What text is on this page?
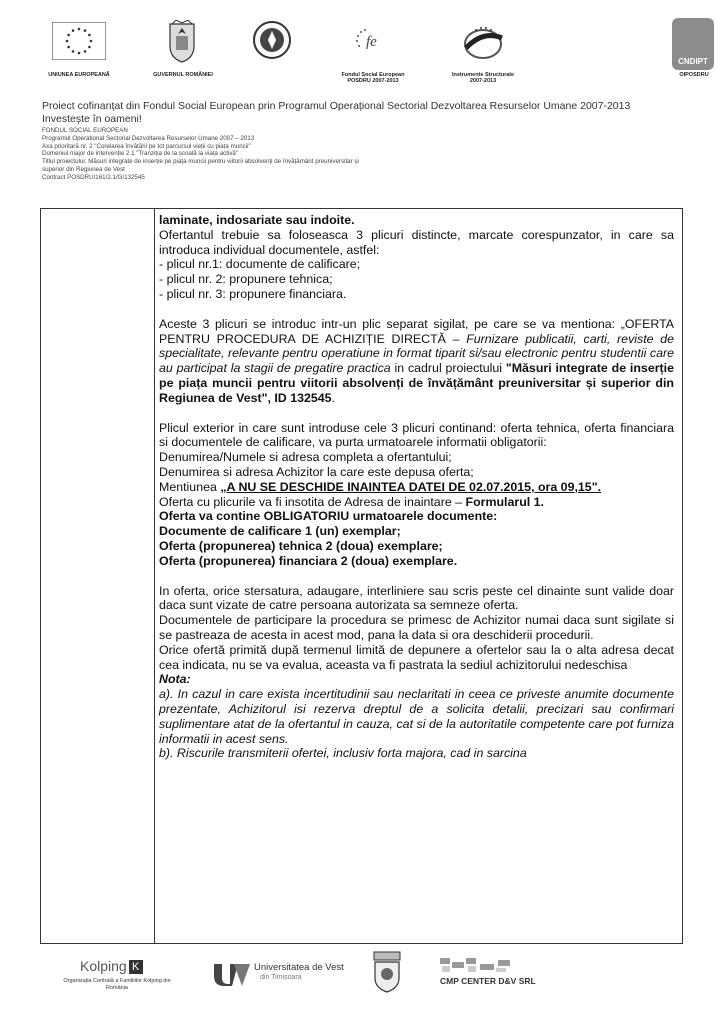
UNIUNEA EUROPEANĂ	GUVERNUL ROMÂNIEI
fe
Fondul Social European
POSDRU 2007-2013
Instrumente Structurale
2007-2013
CNDIPT
OIPOSDRU
Proiect cofinanțat din Fondul Social European prin Programul Operațional Sectorial Dezvoltarea Resurselor Umane 2007-2013
Investește în oameni!
FONDUL SOCIAL EUROPEAN
Programul Operational Sectorial Dezvoltarea Resurselor Umane 2007 – 2013
Axa prioritară nr. 2 "Corelarea învățării pe tot parcursul vieții cu piața muncii"
Domeniul major de intervenție 2.1 "Tranziția de la școală la viața activă"
Titlul proiectului: Măsuri integrate de inserție pe piața muncii pentru viitorii absolvenți de învățământ preuniversitar și
superior din Regiunea de Vest
Contract POSDRU/161/2.1/G/132545

laminate, indosariate sau indoite.

Ofertantul trebuie sa foloseasca 3 plicuri distincte, marcate corespunzator, in care sa introduca individual documentele, astfel:

- plicul nr.1: documente de calificare;

- plicul nr. 2: propunere tehnica;

- plicul nr. 3: propunere financiara.

Aceste 3 plicuri se introduc intr-un plic separat sigilat, pe care se va mentiona: „OFERTA PENTRU PROCEDURA DE ACHIZIȚIE DIRECTĂ – Furnizare publicatii, carti, reviste de specialitate, relevante pentru operatiune in format tiparit si/sau electronic pentru studentii care au participat la stagii de pregatire practica in cadrul proiectului "Măsuri integrate de inserție pe piața muncii pentru viitorii absolvenți de învățământ preuniversitar și superior din Regiunea de Vest", ID 132545.

Plicul exterior in care sunt introduse cele 3 plicuri continand: oferta tehnica, oferta financiara si documentele de calificare, va purta urmatoarele informatii obligatorii:

Denumirea/Numele si adresa completa a ofertantului;

Denumirea si adresa Achizitor la care este depusa oferta;

Mentiunea „A NU SE DESCHIDE INAINTEA DATEI DE 02.07.2015, ora 09,15".

Oferta cu plicurile va fi insotita de Adresa de inaintare – Formularul 1.

Oferta va contine OBLIGATORIU urmatoarele documente:

Documente de calificare 1 (un) exemplar;

Oferta (propunerea) tehnica 2 (doua) exemplare;

Oferta (propunerea) financiara 2 (doua) exemplare.

In oferta, orice stersatura, adaugare, interliniere sau scris peste cel dinainte sunt valide doar daca sunt vizate de catre persoana autorizata sa semneze oferta.

Documentele de participare la procedura se primesc de Achizitor numai daca sunt sigilate si se pastreaza de acesta in acest mod, pana la data si ora deschiderii procedurii.

Orice ofertă primită după termenul limită de depunere a ofertelor sau la o alta adresa decat cea indicata, nu se va evalua, aceasta va fi pastrata la sediul achizitorului nedeschisa

Nota:

a). In cazul in care exista incertitudinii sau neclaritati in ceea ce priveste anumite documente prezentate, Achizitorul isi rezerva dreptul de a solicita detalii, precizari sau confirmari suplimentare atat de la ofertantul in cauza, cat si de la autoritatile competente care pot furniza informatii in acest sens.

b). Riscurile transmiterii ofertei, inclusiv forta majora, cad in sarcina

Kolping K
Organizația Centrală a Familiilor Kolping din România
Universitatea de Vest
din Timișoara	CMP CENTER D&V SRL
